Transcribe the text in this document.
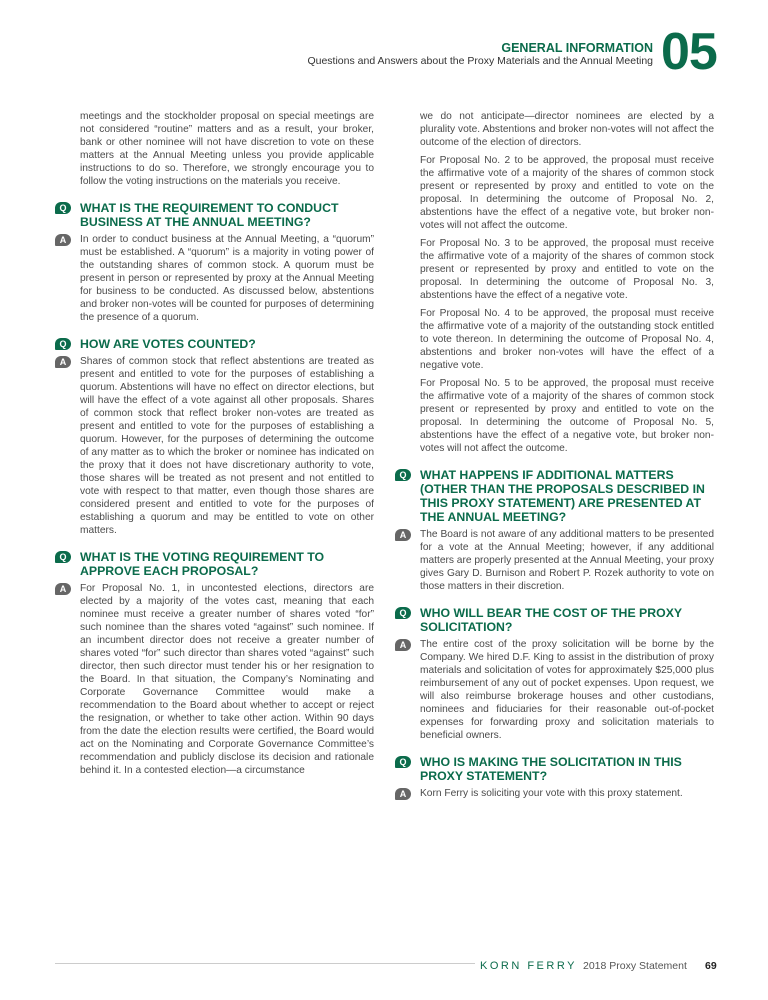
GENERAL INFORMATION
Questions and Answers about the Proxy Materials and the Annual Meeting 05

meetings and the stockholder proposal on special meetings are not considered “routine” matters and as a result, your broker, bank or other nominee will not have discretion to vote on these matters at the Annual Meeting unless you provide applicable instructions to do so. Therefore, we strongly encourage you to follow the voting instructions on the materials you receive.

Q	WHAT IS THE REQUIREMENT TO CONDUCT BUSINESS AT THE ANNUAL MEETING?

A	In order to conduct business at the Annual Meeting, a “quorum” must be established. A “quorum” is a majority in voting power of the outstanding shares of common stock. A quorum must be present in person or represented by proxy at the Annual Meeting for business to be conducted. As discussed below, abstentions and broker non-votes will be counted for purposes of determining the presence of a quorum.

Q	HOW ARE VOTES COUNTED?

A	Shares of common stock that reflect abstentions are treated as present and entitled to vote for the purposes of establishing a quorum. Abstentions will have no effect on director elections, but will have the effect of a vote against all other proposals. Shares of common stock that reflect broker non-votes are treated as present and entitled to vote for the purposes of establishing a quorum. However, for the purposes of determining the outcome of any matter as to which the broker or nominee has indicated on the proxy that it does not have discretionary authority to vote, those shares will be treated as not present and not entitled to vote with respect to that matter, even though those shares are considered present and entitled to vote for the purposes of establishing a quorum and may be entitled to vote on other matters.

Q	WHAT IS THE VOTING REQUIREMENT TO APPROVE EACH PROPOSAL?

A	For Proposal No. 1, in uncontested elections, directors are elected by a majority of the votes cast, meaning that each nominee must receive a greater number of shares voted “for” such nominee than the shares voted “against” such nominee. If an incumbent director does not receive a greater number of shares voted “for” such director than shares voted “against” such director, then such director must tender his or her resignation to the Board. In that situation, the Company’s Nominating and Corporate Governance Committee would make a recommendation to the Board about whether to accept or reject the resignation, or whether to take other action. Within 90 days from the date the election results were certified, the Board would act on the Nominating and Corporate Governance Committee’s recommendation and publicly disclose its decision and rationale behind it. In a contested election—a circumstance

we do not anticipate—director nominees are elected by a plurality vote. Abstentions and broker non-votes will not affect the outcome of the election of directors.

For Proposal No. 2 to be approved, the proposal must receive the affirmative vote of a majority of the shares of common stock present or represented by proxy and entitled to vote on the proposal. In determining the outcome of Proposal No. 2, abstentions have the effect of a negative vote, but broker non-votes will not affect the outcome.

For Proposal No. 3 to be approved, the proposal must receive the affirmative vote of a majority of the shares of common stock present or represented by proxy and entitled to vote on the proposal. In determining the outcome of Proposal No. 3, abstentions have the effect of a negative vote.

For Proposal No. 4 to be approved, the proposal must receive the affirmative vote of a majority of the outstanding stock entitled to vote thereon. In determining the outcome of Proposal No. 4, abstentions and broker non-votes will have the effect of a negative vote.

For Proposal No. 5 to be approved, the proposal must receive the affirmative vote of a majority of the shares of common stock present or represented by proxy and entitled to vote on the proposal. In determining the outcome of Proposal No. 5, abstentions have the effect of a negative vote, but broker non-votes will not affect the outcome.

Q	WHAT HAPPENS IF ADDITIONAL MATTERS (OTHER THAN THE PROPOSALS DESCRIBED IN THIS PROXY STATEMENT) ARE PRESENTED AT THE ANNUAL MEETING?

A	The Board is not aware of any additional matters to be presented for a vote at the Annual Meeting; however, if any additional matters are properly presented at the Annual Meeting, your proxy gives Gary D. Burnison and Robert P. Rozek authority to vote on those matters in their discretion.

Q	WHO WILL BEAR THE COST OF THE PROXY SOLICITATION?

A	The entire cost of the proxy solicitation will be borne by the Company. We hired D.F. King to assist in the distribution of proxy materials and solicitation of votes for approximately $25,000 plus reimbursement of any out of pocket expenses. Upon request, we will also reimburse brokerage houses and other custodians, nominees and fiduciaries for their reasonable out-of-pocket expenses for forwarding proxy and solicitation materials to beneficial owners.

Q	WHO IS MAKING THE SOLICITATION IN THIS PROXY STATEMENT?

A	Korn Ferry is soliciting your vote with this proxy statement.

KORN FERRY 2018 Proxy Statement 69
